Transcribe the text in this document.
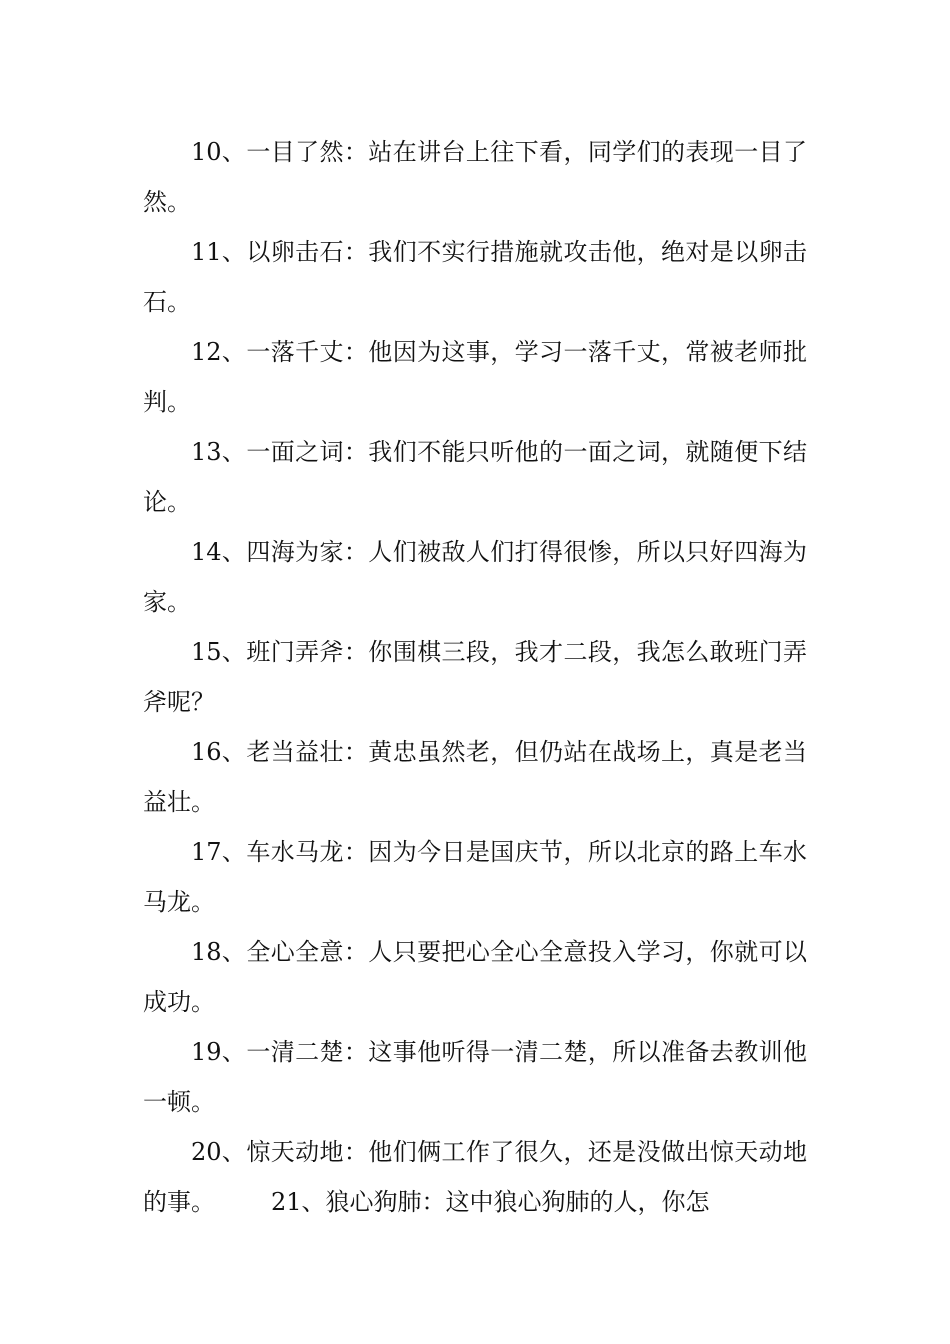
10、一目了然：站在讲台上往下看，同学们的表现一目了然。

11、以卵击石：我们不实行措施就攻击他，绝对是以卵击石。

12、一落千丈：他因为这事，学习一落千丈，常被老师批判。

13、一面之词：我们不能只听他的一面之词，就随便下结论。

14、四海为家：人们被敌人们打得很惨，所以只好四海为家。

15、班门弄斧：你围棋三段，我才二段，我怎么敢班门弄斧呢？

16、老当益壮：黄忠虽然老，但仍站在战场上，真是老当益壮。

17、车水马龙：因为今日是国庆节，所以北京的路上车水马龙。

18、全心全意：人只要把心全心全意投入学习，你就可以成功。

19、一清二楚：这事他听得一清二楚，所以准备去教训他一顿。

20、惊天动地：他们俩工作了很久，还是没做出惊天动地的事。 21、狼心狗肺：这中狼心狗肺的人，你怎
